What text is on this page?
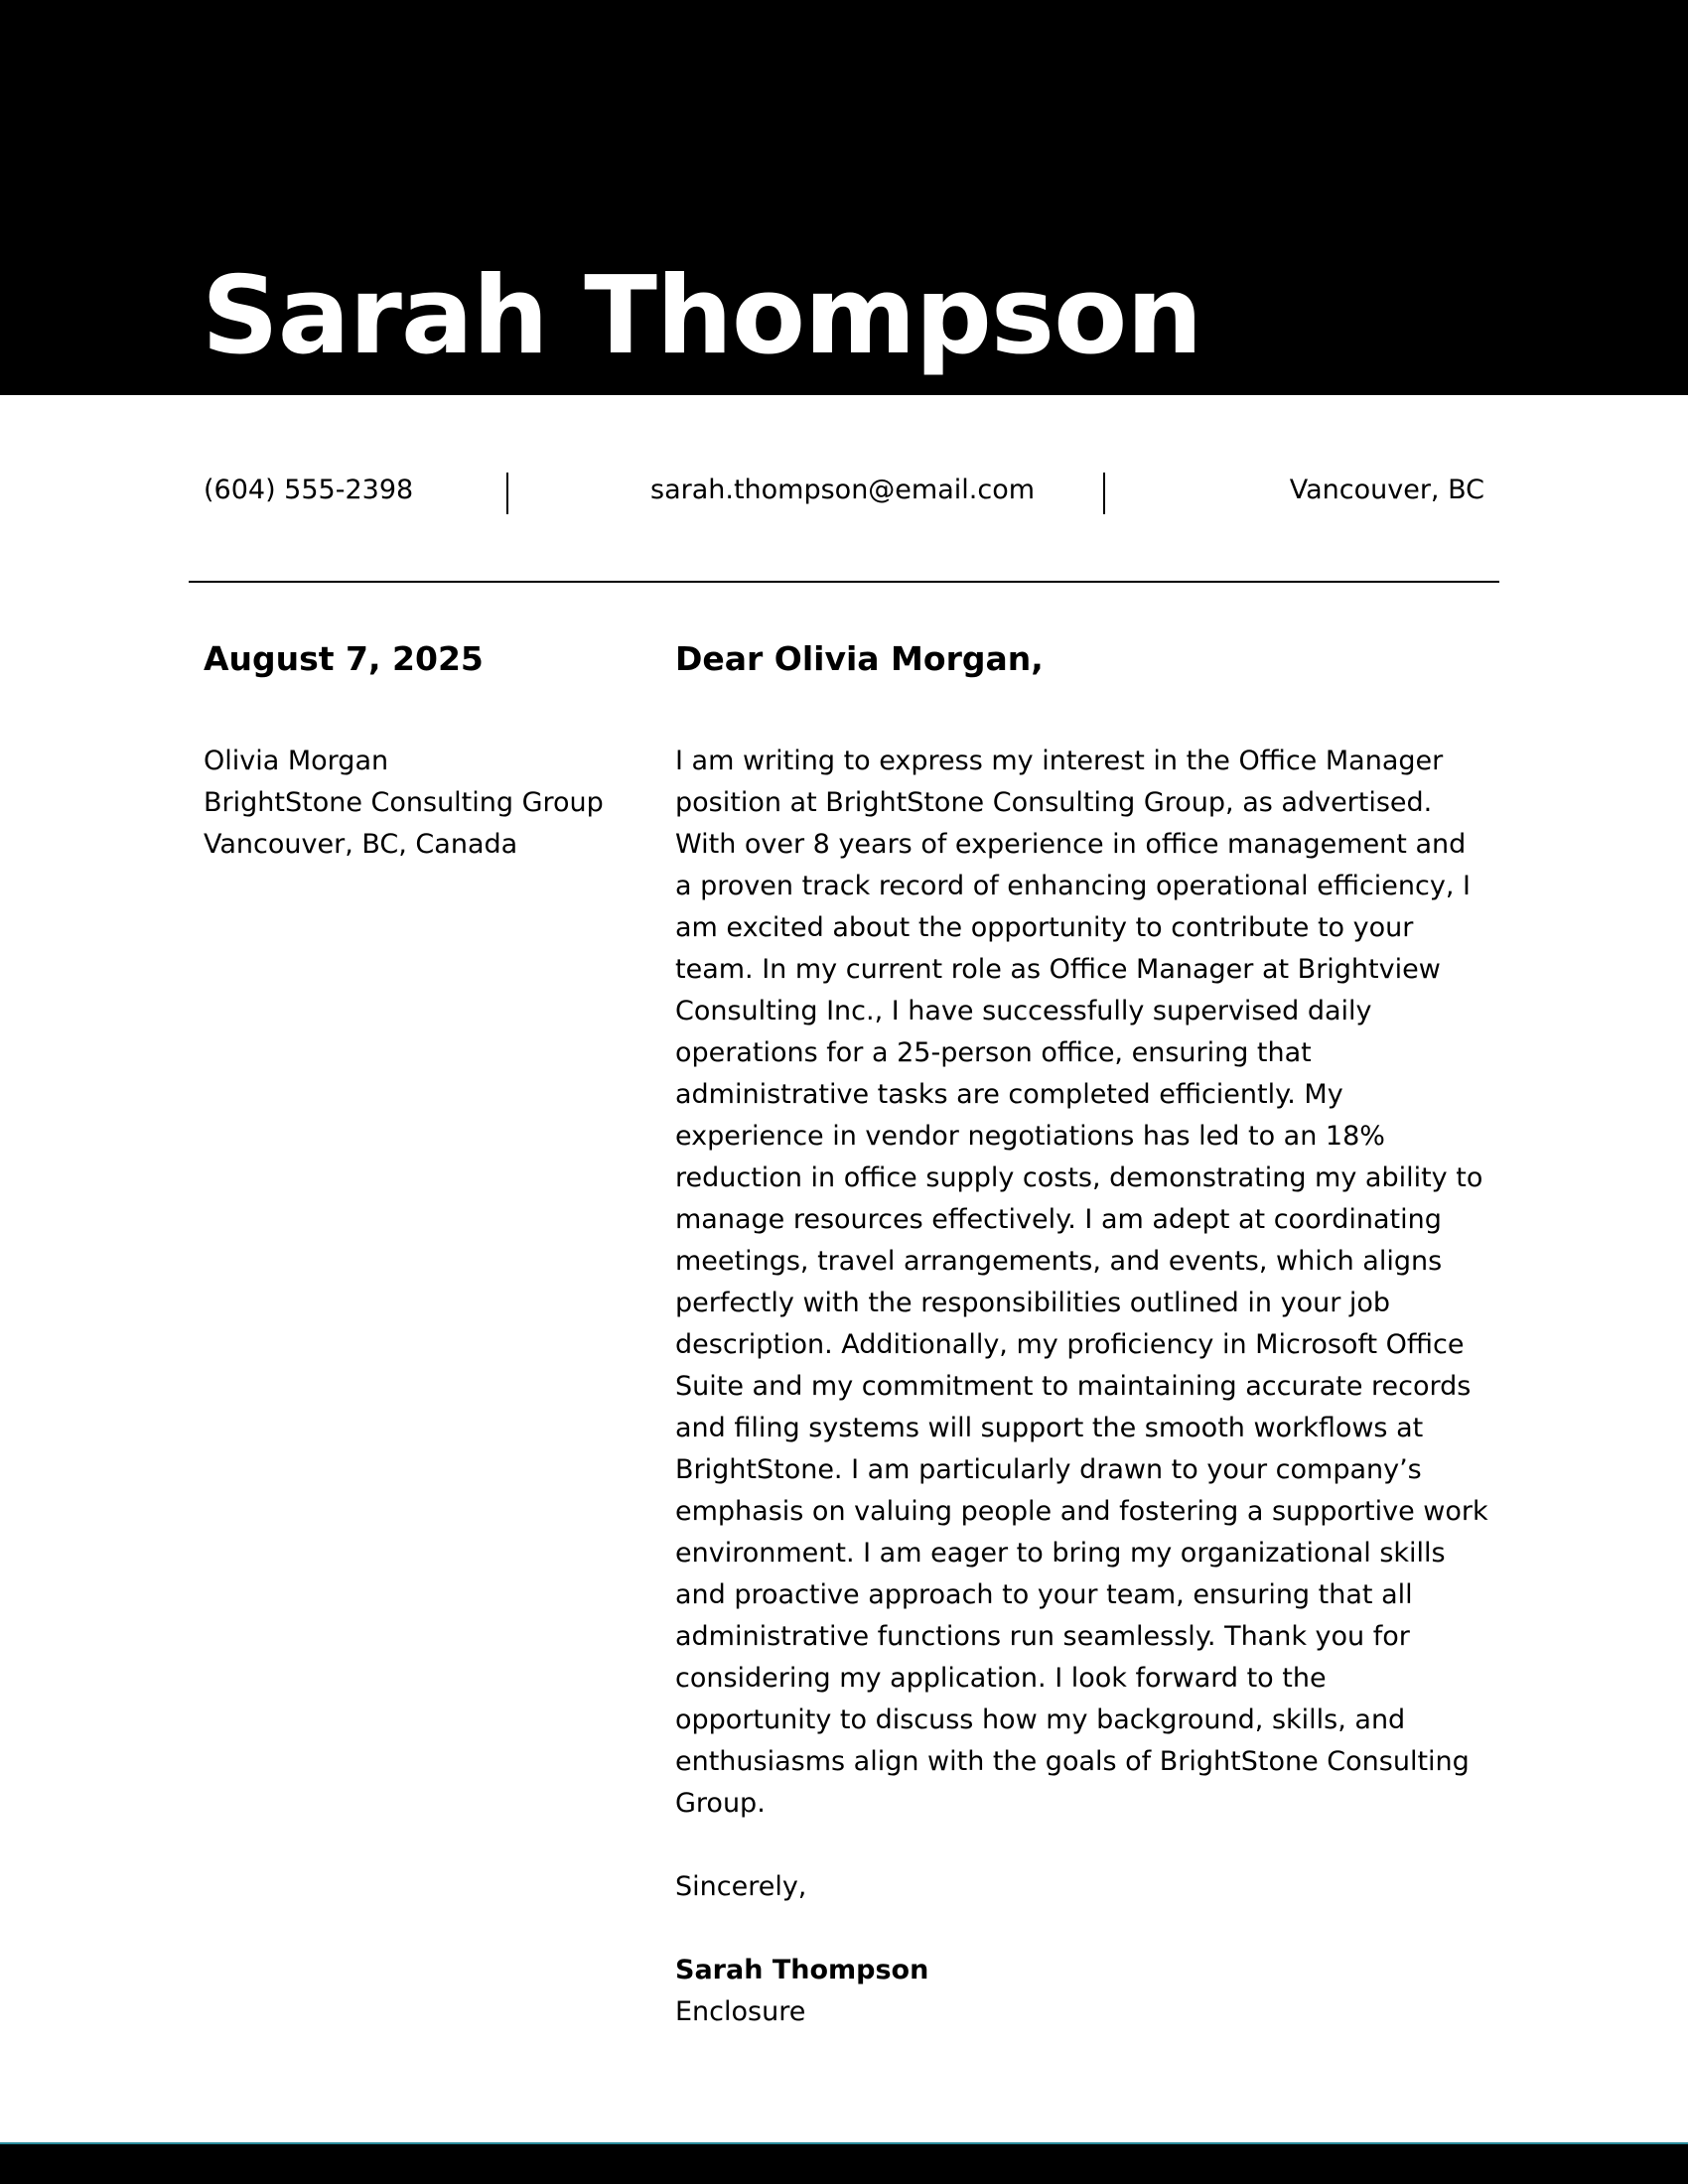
Sarah Thompson
(604) 555-2398	sarah.thompson@email.com	Vancouver, BC
August 7, 2025
Olivia Morgan
BrightStone Consulting Group
Vancouver, BC, Canada

Dear Olivia Morgan,

I am writing to express my interest in the Office Manager position at BrightStone Consulting Group, as advertised. With over 8 years of experience in office management and a proven track record of enhancing operational efficiency, I am excited about the opportunity to contribute to your team. In my current role as Office Manager at Brightview Consulting Inc., I have successfully supervised daily operations for a 25-person office, ensuring that administrative tasks are completed efficiently. My experience in vendor negotiations has led to an 18% reduction in office supply costs, demonstrating my ability to manage resources effectively. I am adept at coordinating meetings, travel arrangements, and events, which aligns perfectly with the responsibilities outlined in your job description. Additionally, my proficiency in Microsoft Office Suite and my commitment to maintaining accurate records and filing systems will support the smooth workflows at BrightStone. I am particularly drawn to your company’s emphasis on valuing people and fostering a supportive work environment. I am eager to bring my organizational skills and proactive approach to your team, ensuring that all administrative functions run seamlessly. Thank you for considering my application. I look forward to the opportunity to discuss how my background, skills, and enthusiasms align with the goals of BrightStone Consulting Group.

Sincerely,

Sarah Thompson

Enclosure
